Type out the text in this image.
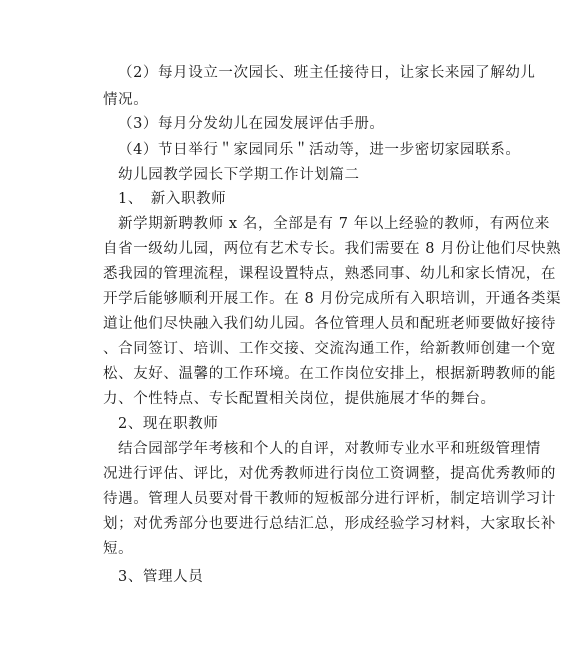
（2）每月设立一次园长、班主任接待日，让家长来园了解幼儿
情况。
（3）每月分发幼儿在园发展评估手册。
（4）节日举行＂家园同乐＂活动等，进一步密切家园联系。
幼儿园教学园长下学期工作计划篇二
1、　新入职教师
新学期新聘教师 x 名，全部是有 7 年以上经验的教师，有两位来
自省一级幼儿园，两位有艺术专长。我们需要在 8 月份让他们尽快熟
悉我园的管理流程，课程设置特点，熟悉同事、幼儿和家长情况，在
开学后能够顺利开展工作。在 8 月份完成所有入职培训，开通各类渠
道让他们尽快融入我们幼儿园。各位管理人员和配班老师要做好接待
、合同签订、培训、工作交接、交流沟通工作，给新教师创建一个宽
松、友好、温馨的工作环境。在工作岗位安排上，根据新聘教师的能
力、个性特点、专长配置相关岗位，提供施展才华的舞台。
2、现在职教师
结合园部学年考核和个人的自评，对教师专业水平和班级管理情
况进行评估、评比，对优秀教师进行岗位工资调整，提高优秀教师的
待遇。管理人员要对骨干教师的短板部分进行评析，制定培训学习计
划；对优秀部分也要进行总结汇总，形成经验学习材料，大家取长补
短。
3、管理人员
